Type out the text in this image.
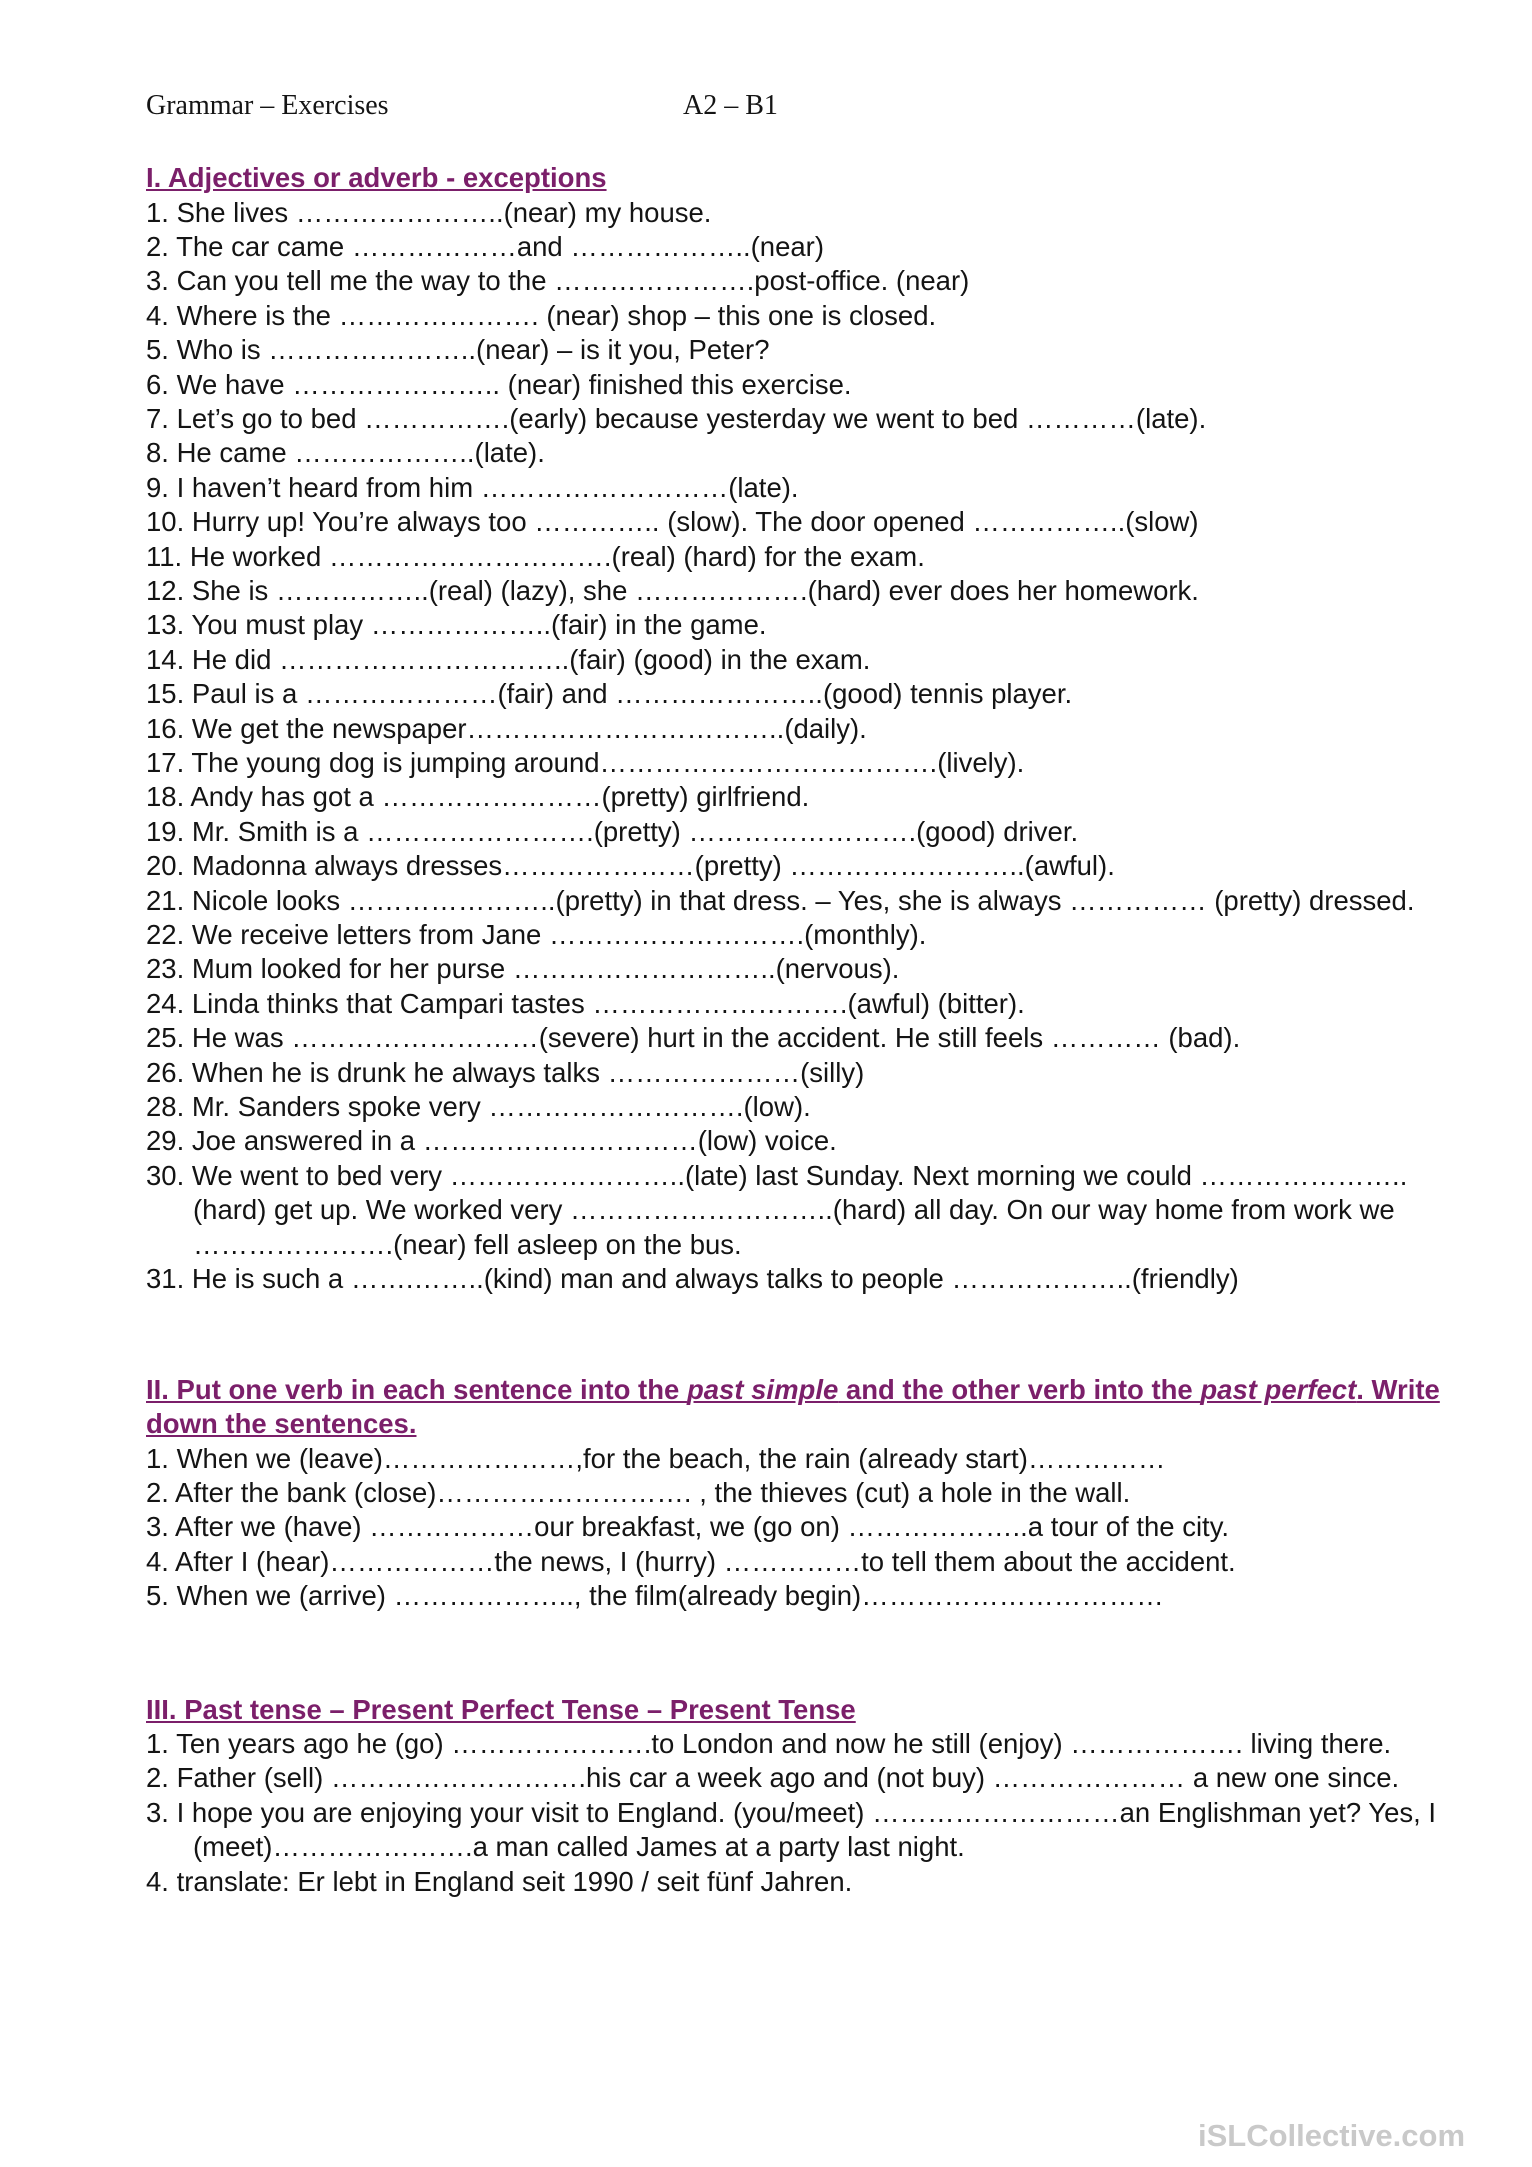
Grammar – Exercises	A2 – B1
I. Adjectives or adverb - exceptions
1. She lives …………………..(near) my house.
2. The car came ………………and ………………..(near)
3. Can you tell me the way to the ………………….post-office. (near)
4. Where is the …………………. (near) shop – this one is closed.
5. Who is …………………..(near) – is it you, Peter?
6. We have ………………….. (near) finished this exercise.
7. Let’s go to bed …………….(early) because yesterday we went to bed …………(late).
8. He came ………………..(late).
9. I haven’t heard from him ………………………(late).
10. Hurry up! You’re always too ………….. (slow). The door opened ……………..(slow)
11. He worked ………………………….(real) (hard) for the exam.
12. She is ……………..(real) (lazy), she ……………….(hard) ever does her homework.
13. You must play ………………..(fair) in the game.
14. He did …………………………..(fair) (good) in the exam.
15. Paul is a …………………(fair) and …………………..(good) tennis player.
16. We get the newspaper……………………………..(daily).
17. The young dog is jumping around……………………………….(lively).
18. Andy has got a ……………………(pretty) girlfriend.
19. Mr. Smith is a …………………….(pretty) …………………….(good) driver.
20. Madonna always dresses…………………(pretty) ……………………..(awful).
21. Nicole looks …………………..(pretty) in that dress. – Yes, she is always …………… (pretty) dressed.
22. We receive letters from Jane ……………………….(monthly).
23. Mum looked for her purse ………………………..(nervous).
24. Linda thinks that Campari tastes ……………………….(awful) (bitter).
25. He was ………………………(severe) hurt in the accident. He still feels ………… (bad).
26. When he is drunk he always talks …………………(silly)
28. Mr. Sanders spoke very ……………………….(low).
29. Joe answered in a …………………………(low) voice.
30. We went to bed very ……………………..(late) last Sunday. Next morning we could …………………..(hard) get up. We worked very ………………………..(hard) all day. On our way home from work we ………………….(near) fell asleep on the bus.
31. He is such a …….……..(kind) man and always talks to people ………………..(friendly)
II. Put one verb in each sentence into the past simple and the other verb into the past perfect. Write down the sentences.
1. When we (leave)…………………,for the beach, the rain (already start)……………
2. After the bank (close)………………………. , the thieves (cut) a hole in the wall.
3. After we (have) ………………our breakfast, we (go on) ………………..a tour of the city.
4. After I (hear)………………the news, I (hurry) ……………to tell them about the accident.
5. When we (arrive) ……………….., the film(already begin)……………………………
III. Past tense – Present Perfect Tense – Present Tense
1. Ten years ago he (go) ………………….to London and now he still (enjoy) ………………. living there.
2. Father (sell) ……………………….his car a week ago and (not buy) ………………… a new one since.
3. I hope you are enjoying your visit to England. (you/meet) ………………………an Englishman yet? Yes, I (meet)………………….a man called James at a party last night.
4. translate: Er lebt in England seit 1990 / seit fünf Jahren.
iSLCollective.com
